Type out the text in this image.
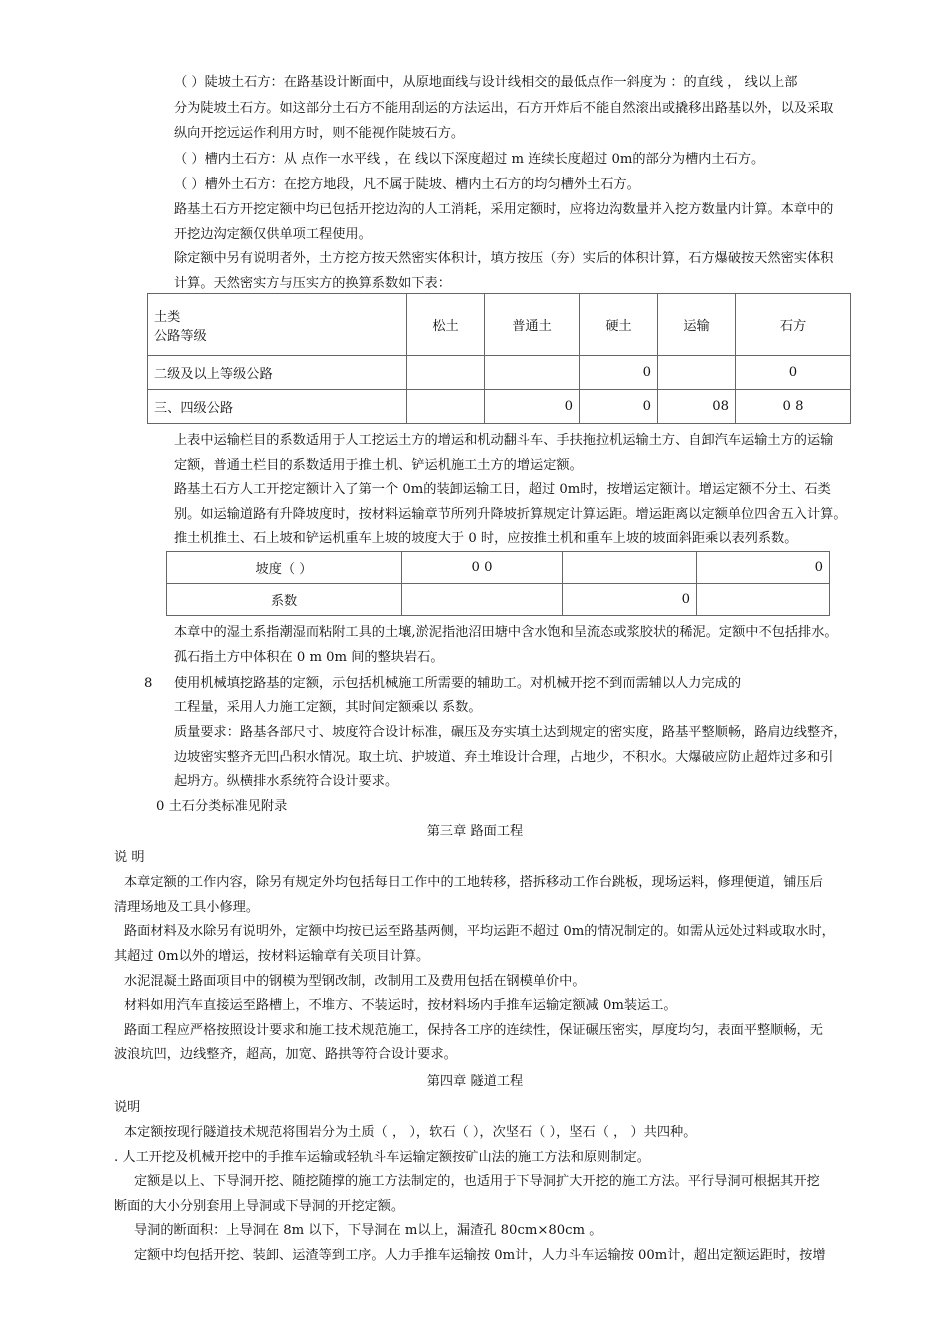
（ ）陡坡土石方：在路基设计断面中，从原地面线与设计线相交的最低点作一斜度为 ：的直线 ， 线以上部
分为陡坡土石方。如这部分土石方不能用刮运的方法运出，石方开炸后不能自然滚出或撬移出路基以外，以及采取
纵向开挖远运作利用方时，则不能视作陡坡石方。
（ ）槽内土石方：从 点作一水平线 ，在 线以下深度超过 m 连续长度超过 0m的部分为槽内土石方。
（ ）槽外土石方：在挖方地段，凡不属于陡坡、槽内土石方的均匀槽外土石方。
路基土石方开挖定额中均已包括开挖边沟的人工消耗，采用定额时，应将边沟数量并入挖方数量内计算。本章中的
开挖边沟定额仅供单项工程使用。
除定额中另有说明者外，土方挖方按天然密实体积计，填方按压（夯）实后的体积计算，石方爆破按天然密实体积
计算。天然密实方与压实方的换算系数如下表：
土类
公路等级	松土	普通土	硬土	运输	石方
二级及以上等级公路			0		0
三、四级公路		0	0	08	0 8
上表中运输栏目的系数适用于人工挖运土方的增运和机动翻斗车、手扶拖拉机运输土方、自卸汽车运输土方的运输
定额，普通土栏目的系数适用于推土机、铲运机施工土方的增运定额。
路基土石方人工开挖定额计入了第一个 0m的装卸运输工日，超过 0m时，按增运定额计。增运定额不分土、石类
别。如运输道路有升降坡度时，按材料运输章节所列升降坡折算规定计算运距。增运距离以定额单位四舍五入计算。
推土机推土、石上坡和铲运机重车上坡的坡度大于 0 时，应按推土机和重车上坡的坡面斜距乘以表列系数。
坡度（ ）	0 0		0
系数		0	
本章中的湿土系指潮湿而粘附工具的土壤,淤泥指池沼田塘中含水饱和呈流态或浆胶状的稀泥。定额中不包括排水。
孤石指土方中体积在 0 m 0m 间的整块岩石。
8 使用机械填挖路基的定额，示包括机械施工所需要的辅助工。对机械开挖不到而需辅以人力完成的
工程量，采用人力施工定额，其时间定额乘以 系数。
质量要求：路基各部尺寸、坡度符合设计标准，碾压及夯实填土达到规定的密实度，路基平整顺畅，路肩边线整齐，
边坡密实整齐无凹凸积水情况。取土坑、护坡道、弃土堆设计合理，占地少，不积水。大爆破应防止超炸过多和引
起坍方。纵横排水系统符合设计要求。
0 土石分类标准见附录
第三章 路面工程
说 明
本章定额的工作内容，除另有规定外均包括每日工作中的工地转移，搭拆移动工作台跳板，现场运料，修理便道，铺压后
清理场地及工具小修理。
路面材料及水除另有说明外，定额中均按已运至路基两侧，平均运距不超过 0m的情况制定的。如需从远处过料或取水时，
其超过 0m以外的增运，按材料运输章有关项目计算。
水泥混凝土路面项目中的钢模为型钢改制，改制用工及费用包括在钢模单价中。
材料如用汽车直接运至路槽上，不堆方、不装运时，按材料场内手推车运输定额减 0m装运工。
路面工程应严格按照设计要求和施工技术规范施工，保持各工序的连续性，保证碾压密实，厚度均匀，表面平整顺畅，无
波浪坑凹，边线整齐，超高，加宽、路拱等符合设计要求。
第四章 隧道工程
说明
本定额按现行隧道技术规范将围岩分为土质（ ， ），软石（ ），次坚石（ ），坚石（ ， ）共四种。
. 人工开挖及机械开挖中的手推车运输或轻轨斗车运输定额按矿山法的施工方法和原则制定。
定额是以上、下导洞开挖、随挖随撑的施工方法制定的，也适用于下导洞扩大开挖的施工方法。平行导洞可根据其开挖
断面的大小分别套用上导洞或下导洞的开挖定额。
导洞的断面积：上导洞在 8m 以下，下导洞在 m以上，漏渣孔 80cm×80cm 。
定额中均包括开挖、装卸、运渣等到工序。人力手推车运输按 0m计，人力斗车运输按 00m计，超出定额运距时，按增
